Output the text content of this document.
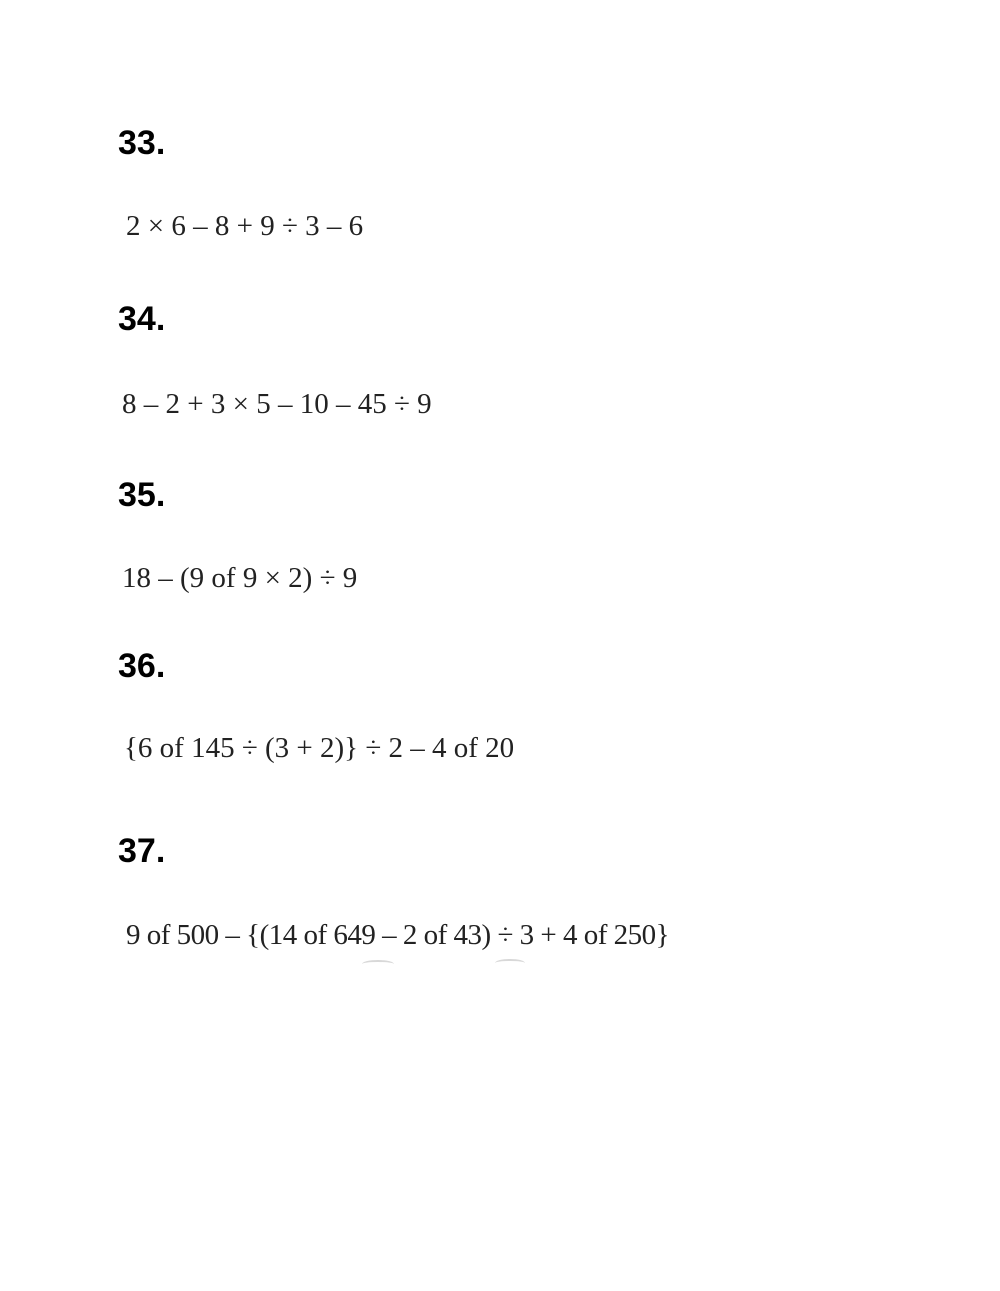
33.
2 × 6 – 8 + 9 ÷ 3 – 6
34.
8 – 2 + 3 × 5 – 10 – 45 ÷ 9
35.
18 – (9 of 9 × 2) ÷ 9
36.
{6 of 145 ÷ (3 + 2)} ÷ 2 – 4 of 20
37.
9 of 500 – {(14 of 649 – 2 of 43) ÷ 3 + 4 of 250}
